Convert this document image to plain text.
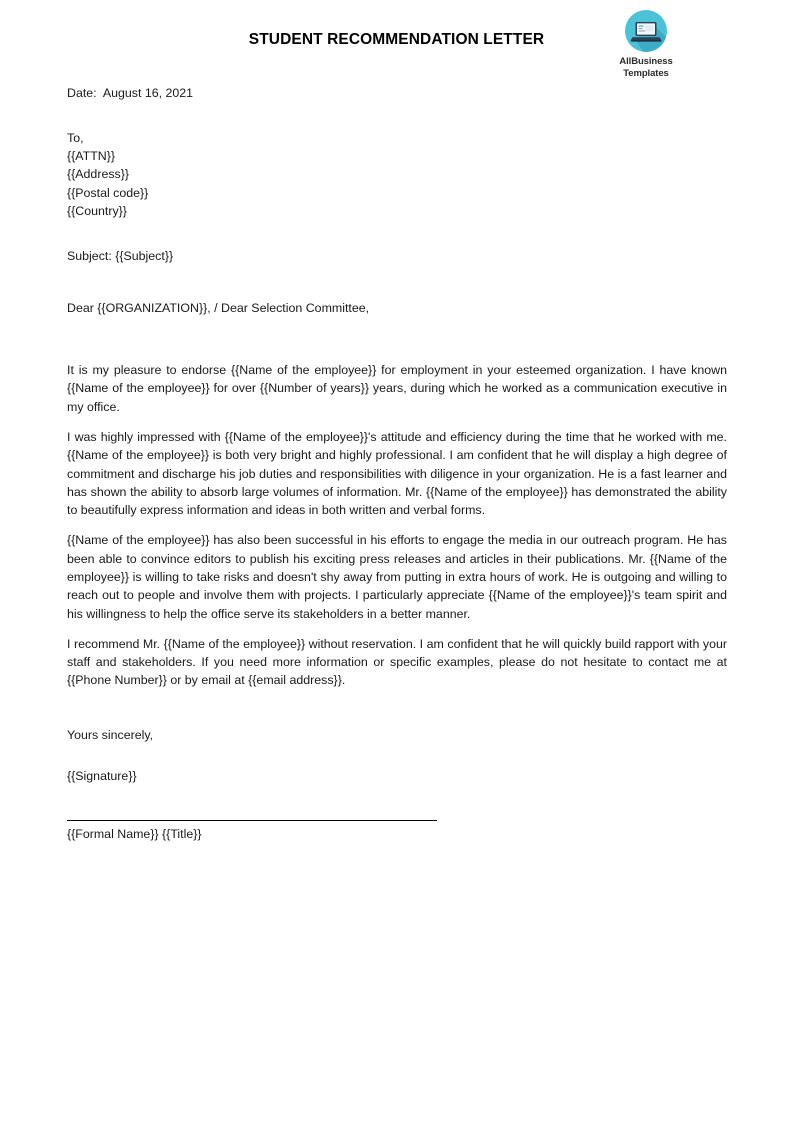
STUDENT RECOMMENDATION LETTER
AllBusiness
Templates
Date: August 16, 2021
To,
{{ATTN}}
{{Address}}
{{Postal code}}
{{Country}}
Subject: {{Subject}}
Dear {{ORGANIZATION}}, / Dear Selection Committee,

It is my pleasure to endorse {{Name of the employee}} for employment in your esteemed organization. I have known {{Name of the employee}} for over {{Number of years}} years, during which he worked as a communication executive in my office.

I was highly impressed with {{Name of the employee}}'s attitude and efficiency during the time that he worked with me. {{Name of the employee}} is both very bright and highly professional. I am confident that he will display a high degree of commitment and discharge his job duties and responsibilities with diligence in your organization. He is a fast learner and has shown the ability to absorb large volumes of information. Mr. {{Name of the employee}} has demonstrated the ability to beautifully express information and ideas in both written and verbal forms.

{{Name of the employee}} has also been successful in his efforts to engage the media in our outreach program. He has been able to convince editors to publish his exciting press releases and articles in their publications. Mr. {{Name of the employee}} is willing to take risks and doesn't shy away from putting in extra hours of work. He is outgoing and willing to reach out to people and involve them with projects. I particularly appreciate {{Name of the employee}}'s team spirit and his willingness to help the office serve its stakeholders in a better manner.

I recommend Mr. {{Name of the employee}} without reservation. I am confident that he will quickly build rapport with your staff and stakeholders. If you need more information or specific examples, please do not hesitate to contact me at {{Phone Number}} or by email at {{email address}}.

Yours sincerely,
{{Signature}}
{{Formal Name}} {{Title}}
